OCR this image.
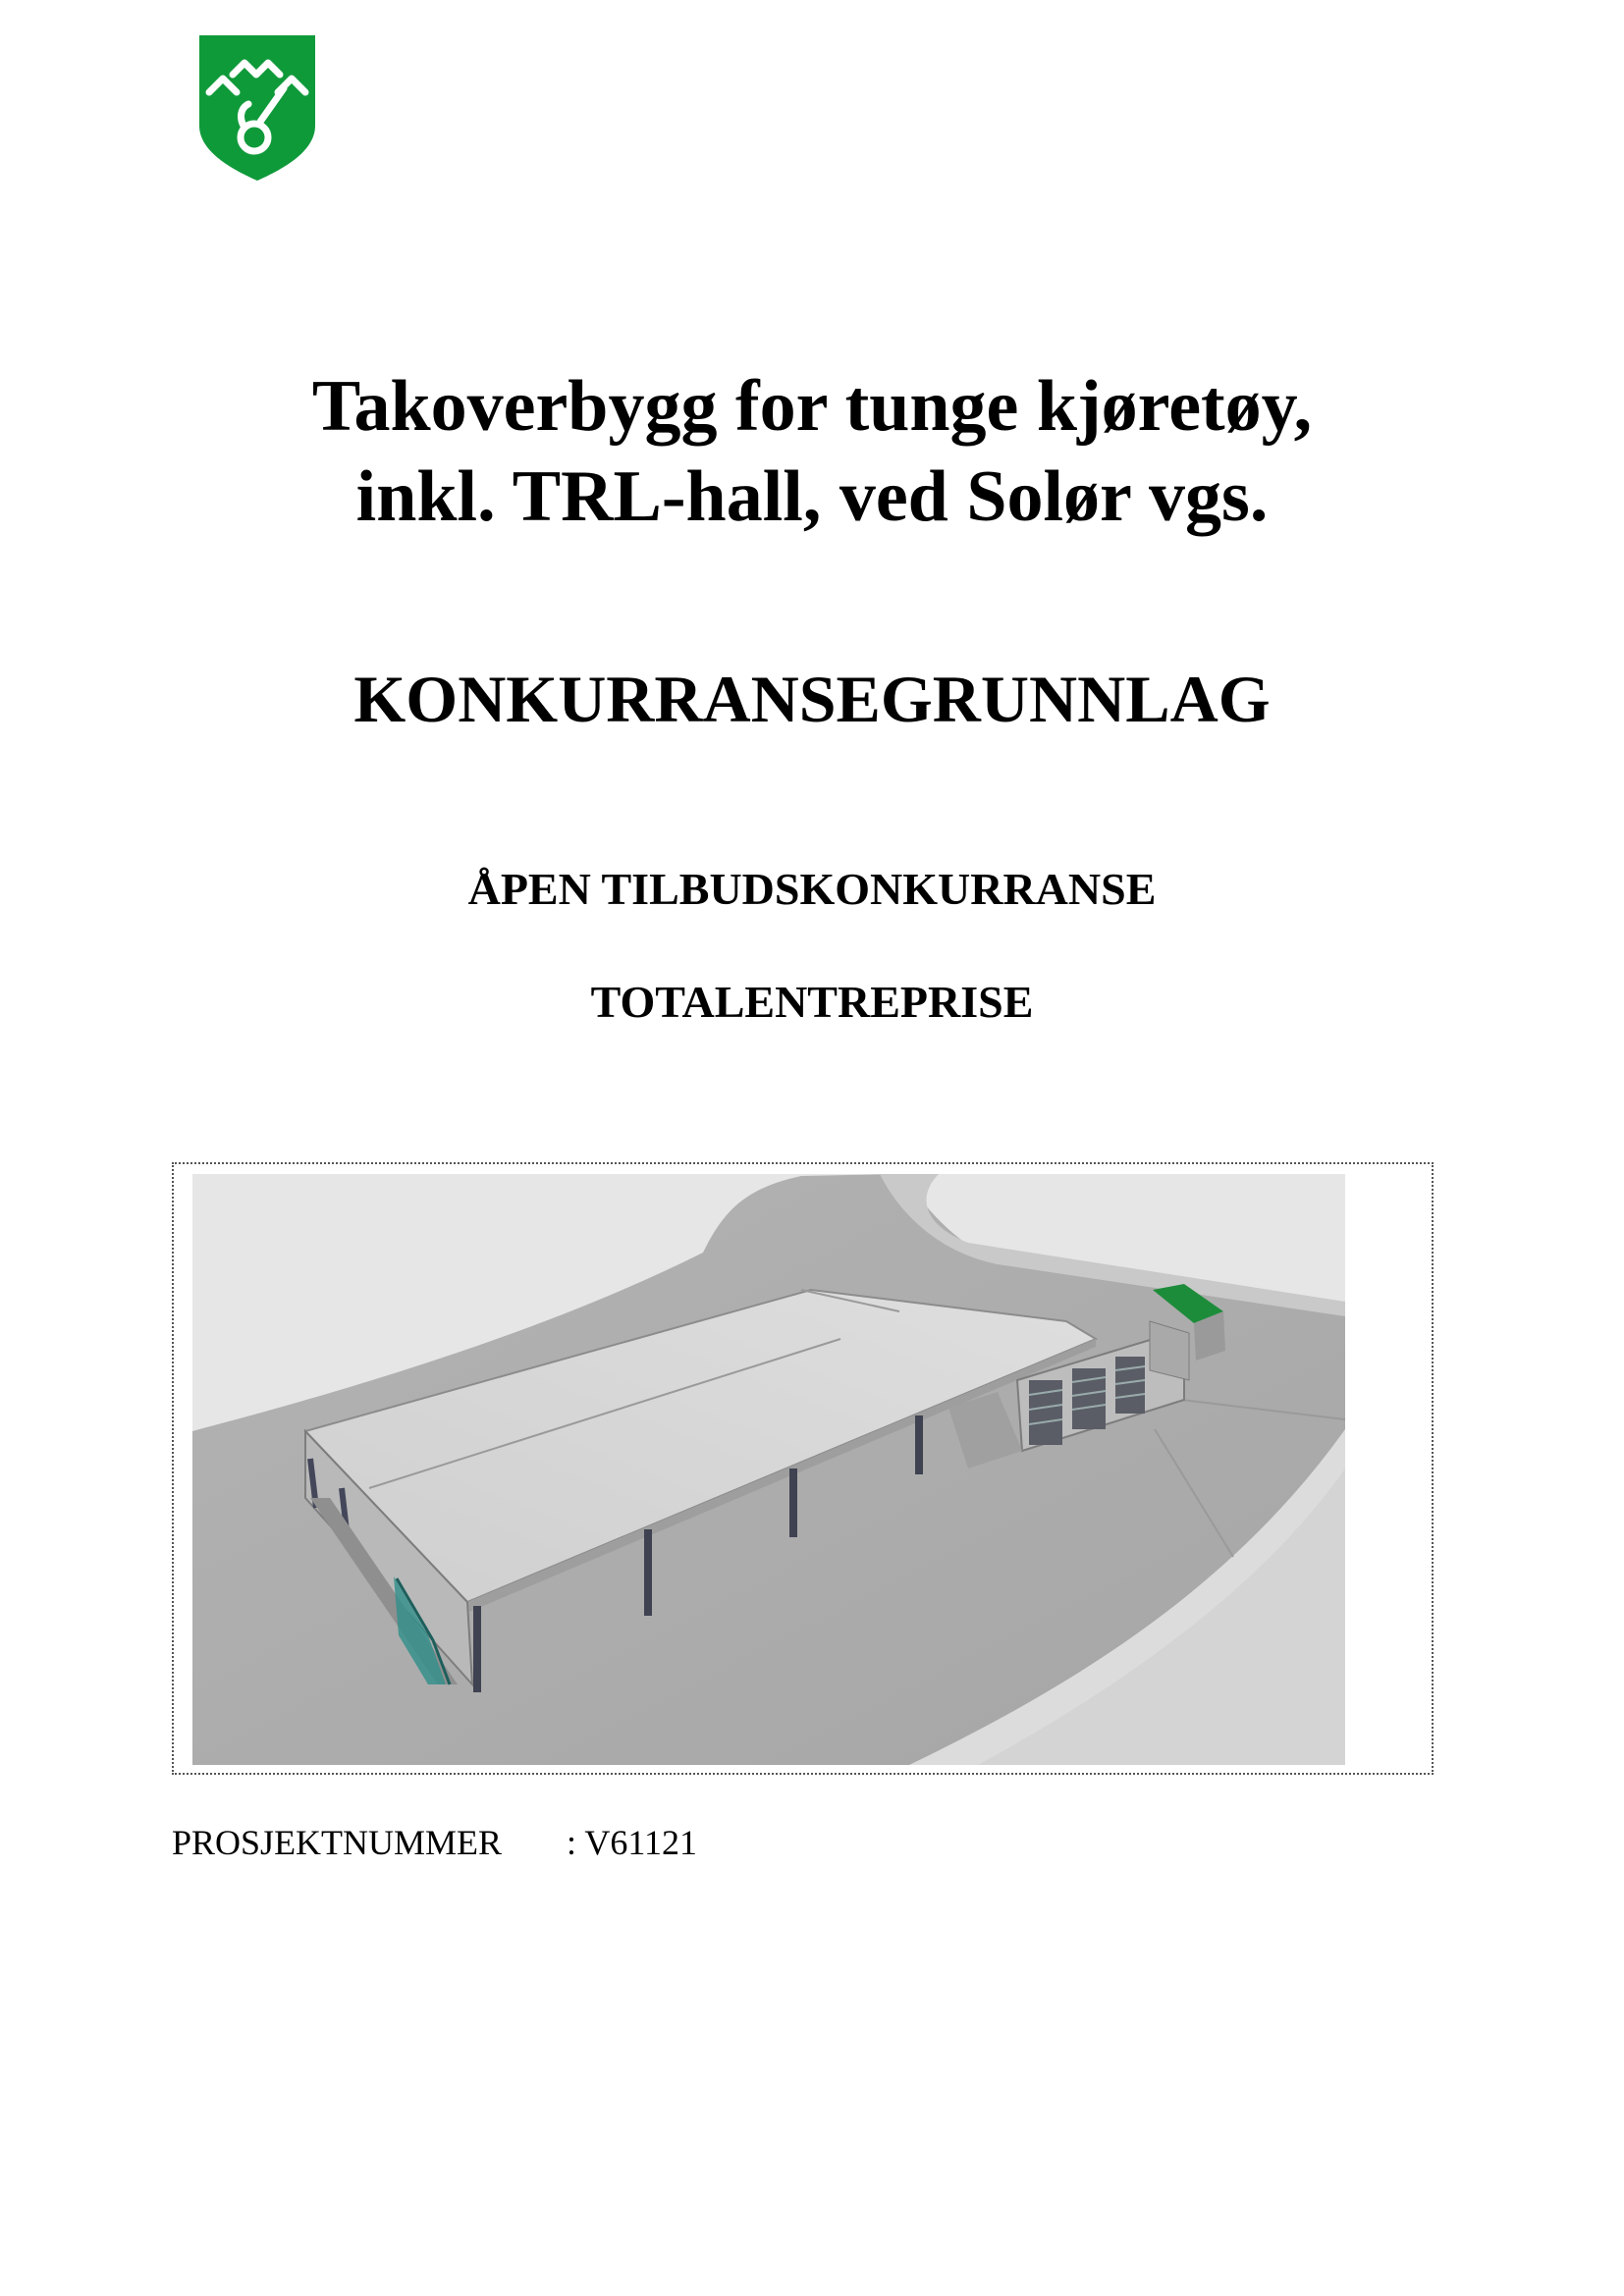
Takoverbygg for tunge kjøretøy,
inkl. TRL-hall, ved Solør vgs.
KONKURRANSEGRUNNLAG
ÅPEN TILBUDSKONKURRANSE
TOTALENTREPRISE
PROSJEKTNUMMER : V61121
